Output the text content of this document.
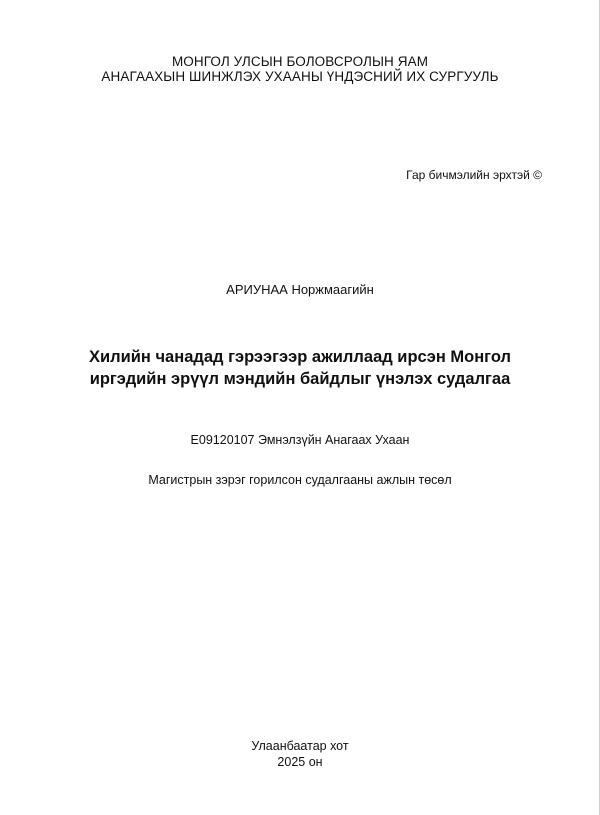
МОНГОЛ УЛСЫН БОЛОВСРОЛЫН ЯАМ
АНАГААХЫН ШИНЖЛЭХ УХААНЫ ҮНДЭСНИЙ ИХ СУРГУУЛЬ
Гар бичмэлийн эрхтэй ©
АРИУНАА Норжмаагийн
Хилийн чанадад гэрээгээр ажиллаад ирсэн Монгол
иргэдийн эрүүл мэндийн байдлыг үнэлэх судалгаа
E09120107 Эмнэлзүйн Анагаах Ухаан
Магистрын зэрэг горилсон судалгааны ажлын төсөл
Улаанбаатар хот
2025 он
